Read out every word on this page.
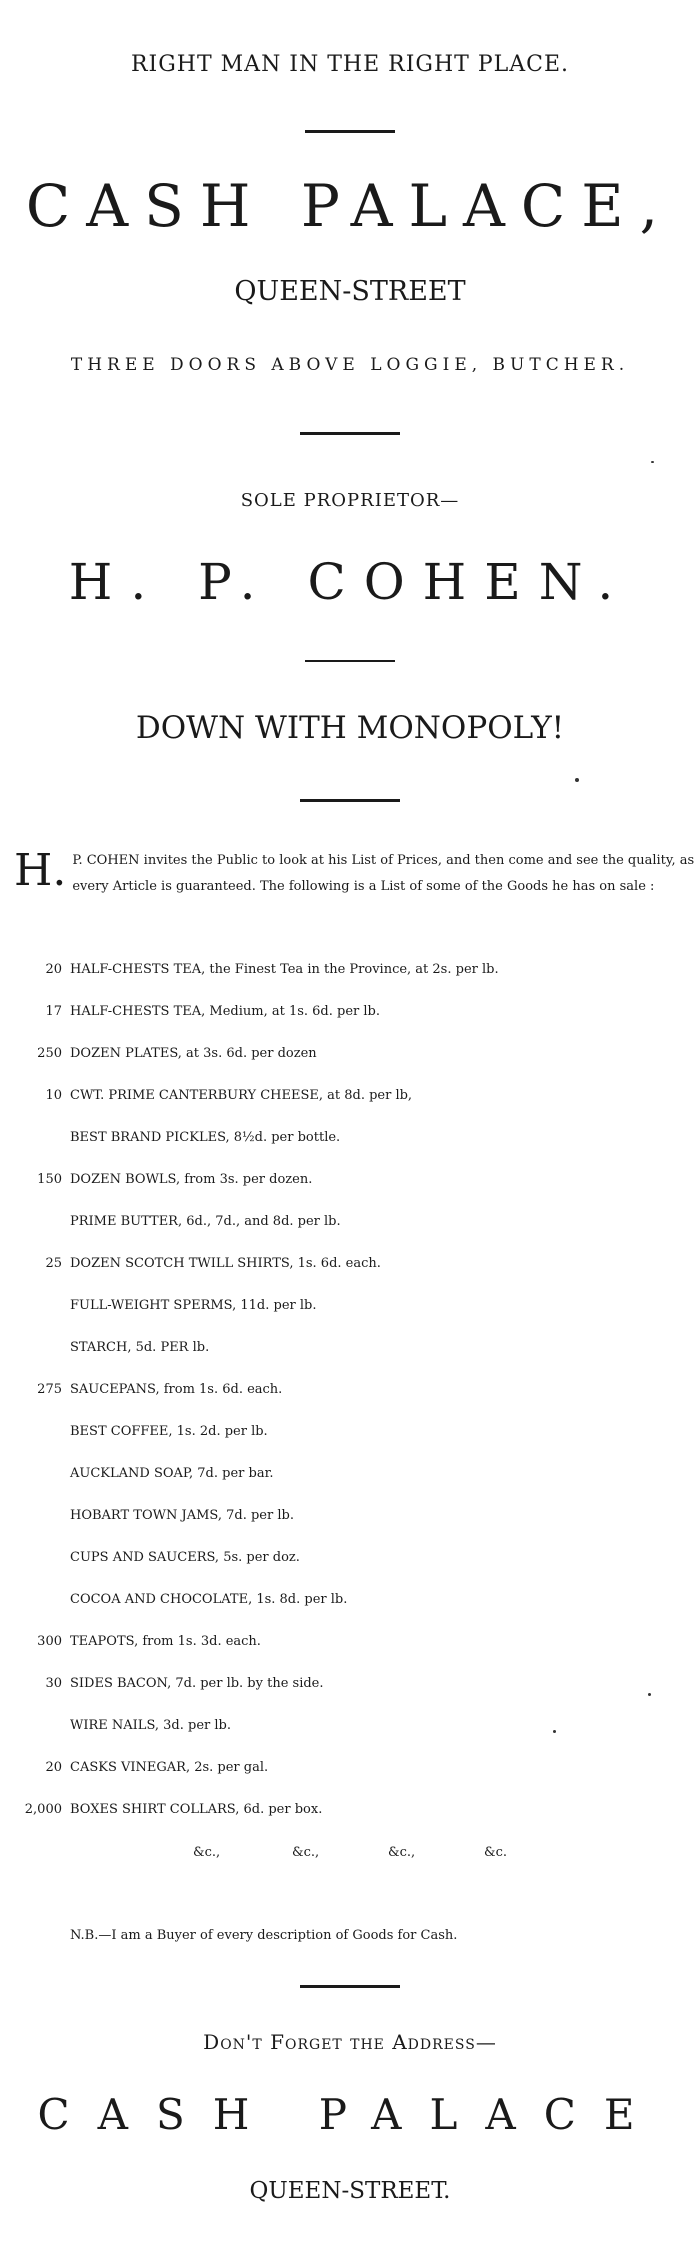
RIGHT MAN IN THE RIGHT PLACE.
CASH PALACE,
QUEEN-STREET
THREE DOORS ABOVE LOGGIE, BUTCHER.
SOLE PROPRIETOR—
H. P. COHEN.
DOWN WITH MONOPOLY!
H. P. COHEN invites the Public to look at his List of Prices, and then come and see the quality, as every Article is guaranteed. The following is a List of some of the Goods he has on sale :
20 HALF-CHESTS TEA, the Finest Tea in the Province, at 2s. per lb.
17 HALF-CHESTS TEA, Medium, at 1s. 6d. per lb.
250 DOZEN PLATES, at 3s. 6d. per dozen
10 CWT. PRIME CANTERBURY CHEESE, at 8d. per lb,
BEST BRAND PICKLES, 8½d. per bottle.
150 DOZEN BOWLS, from 3s. per dozen.
PRIME BUTTER, 6d., 7d., and 8d. per lb.
25 DOZEN SCOTCH TWILL SHIRTS, 1s. 6d. each.
FULL-WEIGHT SPERMS, 11d. per lb.
STARCH, 5d. PER lb.
275 SAUCEPANS, from 1s. 6d. each.
BEST COFFEE, 1s. 2d. per lb.
AUCKLAND SOAP, 7d. per bar.
HOBART TOWN JAMS, 7d. per lb.
CUPS AND SAUCERS, 5s. per doz.
COCOA AND CHOCOLATE, 1s. 8d. per lb.
300 TEAPOTS, from 1s. 3d. each.
30 SIDES BACON, 7d. per lb. by the side.
WIRE NAILS, 3d. per lb.
20 CASKS VINEGAR, 2s. per gal.
2,000 BOXES SHIRT COLLARS, 6d. per box.
&c.,	&c.,	&c.,	&c.
N.B.—I am a Buyer of every description of Goods for Cash.
Don't Forget the Address—
CASH PALACE
QUEEN-STREET.
